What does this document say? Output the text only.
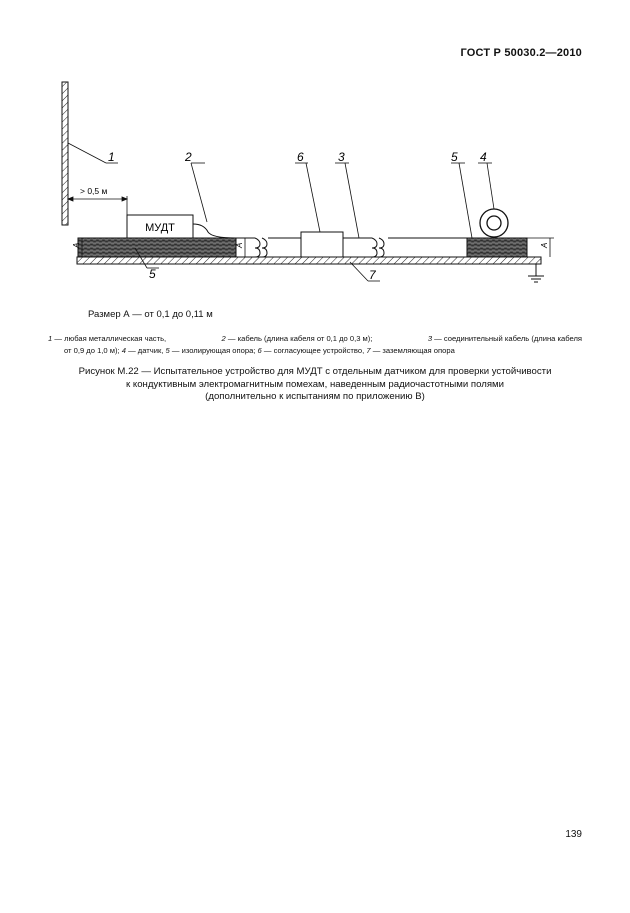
ГОСТ Р 50030.2—2010
МУДТ
> 0,5 м
A	A	A
1	2	6	3	5 4
5	7
Размер А — от 0,1 до 0,11 м
1 — любая металлическая часть,	2 — кабель (длина кабеля от 0,1 до 0,3 м);	3 — соединительный кабель (длина кабеля
от 0,9 до 1,0 м); 4 — датчик, 5 — изолирующая опора; 6 — согласующее устройство, 7 — заземляющая опора
Рисунок М.22 — Испытательное устройство для МУДТ с отдельным датчиком для проверки устойчивости
к кондуктивным электромагнитным помехам, наведенным радиочастотными полями
(дополнительно к испытаниям по приложению В)
139
